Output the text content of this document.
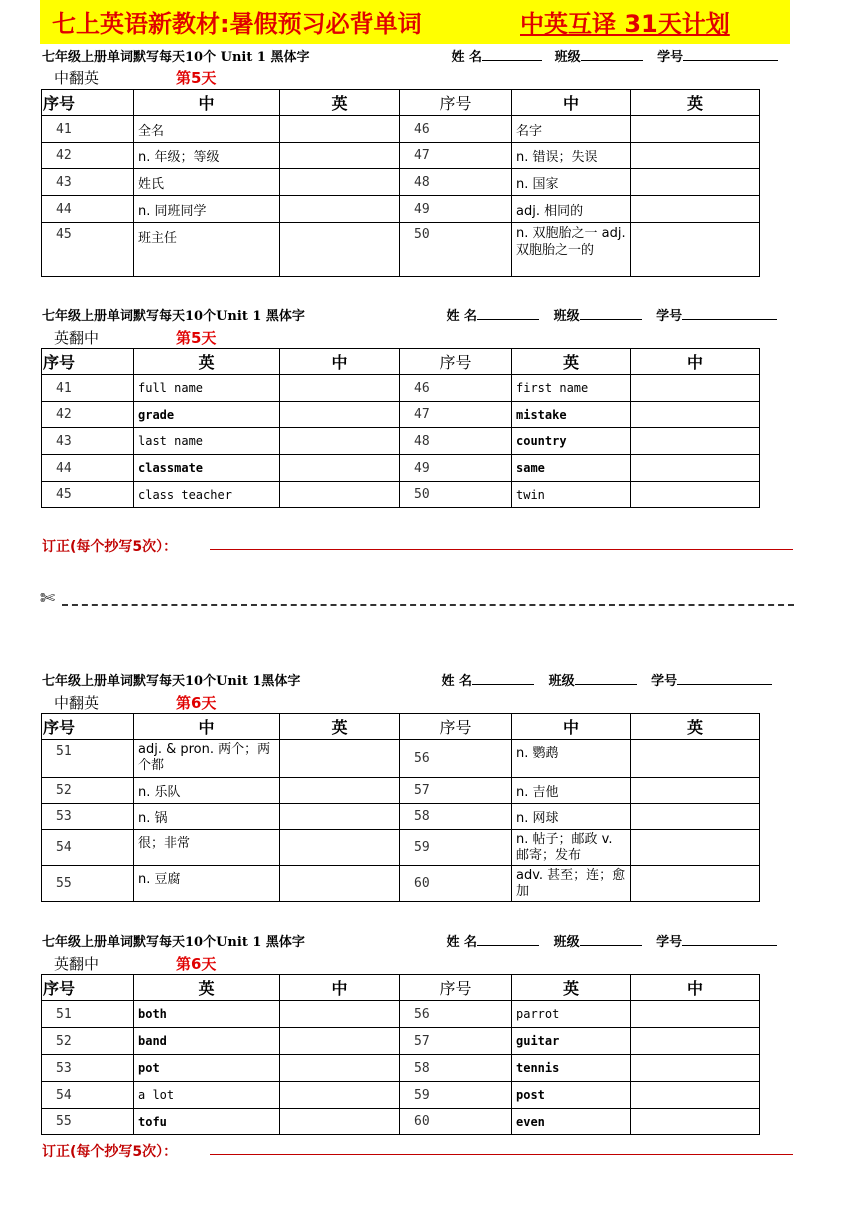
七上英语新教材:暑假预习必背单词	中英互译 31天计划
七年级上册单词默写每天10个 Unit 1 黑体字	姓 名	班级	学号
中翻英	第5天
序号	中	英	序号	中	英
41	全名		46	名字	
42	n. 年级；等级		47	n. 错误；失误	
43	姓氏		48	n. 国家	
44	n. 同班同学		49	adj. 相同的	
45	班主任		50	n. 双胞胎之一 adj. 双胞胎之一的	
七年级上册单词默写每天10个Unit 1 黑体字	姓 名	班级	学号
英翻中	第5天
序号	英	中	序号	英	中
41	full name		46	first name	
42	grade		47	mistake	
43	last name		48	country	
44	classmate		49	same	
45	class teacher		50	twin	
订正(每个抄写5次）：
✄
七年级上册单词默写每天10个Unit 1黑体字	姓 名	班级	学号
中翻英	第6天
序号	中	英	序号	中	英
51	adj. & pron. 两个；两个都		56	n. 鹦鹉	
52	n. 乐队		57	n. 吉他	
53	n. 锅		58	n. 网球	
54	很；非常		59	n. 帖子；邮政 v. 邮寄；发布	
55	n. 豆腐		60	adv. 甚至；连；愈加	
七年级上册单词默写每天10个Unit 1 黑体字	姓 名	班级	学号
英翻中	第6天
序号	英	中	序号	英	中
51	both		56	parrot	
52	band		57	guitar	
53	pot		58	tennis	
54	a lot		59	post	
55	tofu		60	even	
订正(每个抄写5次）：
